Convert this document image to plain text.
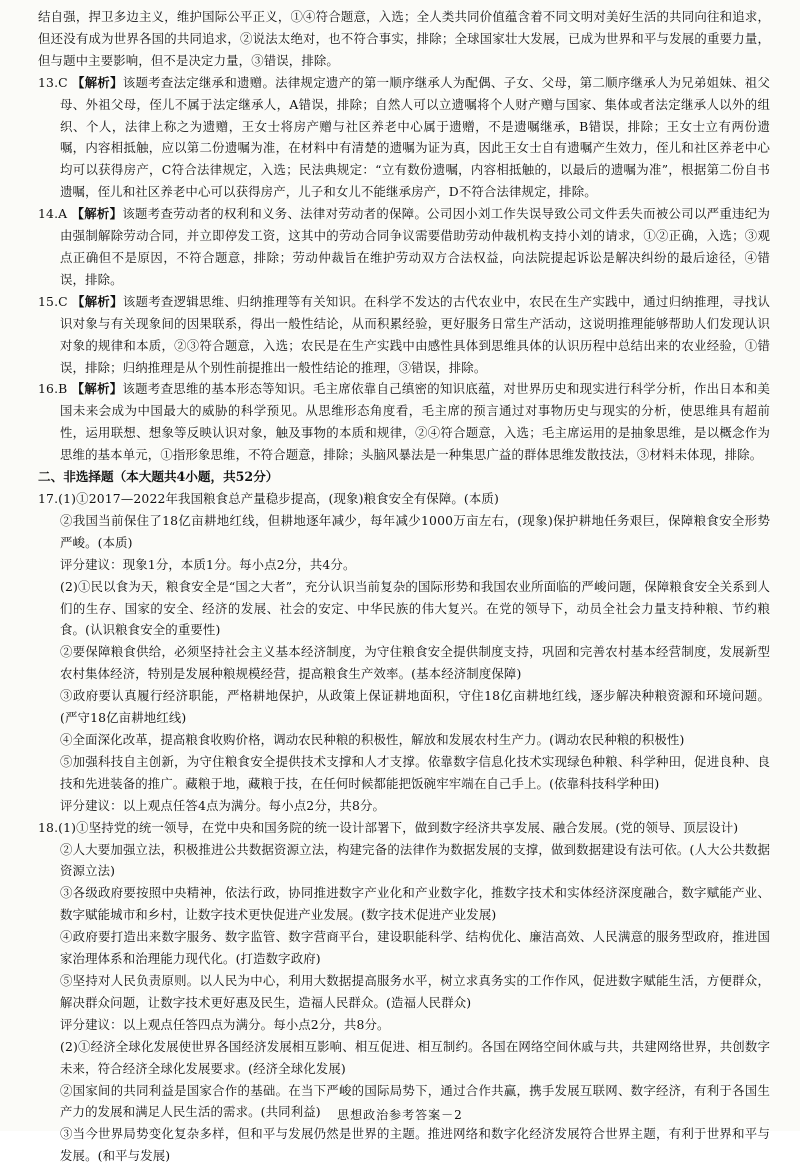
结自强，捍卫多边主义，维护国际公平正义，①④符合题意，入选；全人类共同价值蕴含着不同文明对美好生活的共同向往和追求，但还没有成为世界各国的共同追求，②说法太绝对，也不符合事实，排除；全球国家壮大发展，已成为世界和平与发展的重要力量，但与题中主要影响，但不是决定力量，③错误，排除。

13.C 【解析】该题考查法定继承和遗赠。法律规定遗产的第一顺序继承人为配偶、子女、父母，第二顺序继承人为兄弟姐妹、祖父母、外祖父母，侄儿不属于法定继承人，A错误，排除；自然人可以立遗嘱将个人财产赠与国家、集体或者法定继承人以外的组织、个人，法律上称之为遗赠，王女士将房产赠与社区养老中心属于遗赠，不是遗嘱继承，B错误，排除；王女士立有两份遗嘱，内容相抵触，应以第二份遗嘱为准，在材料中有清楚的遗嘱为证为真，因此王女士自有遗嘱产生效力，侄儿和社区养老中心均可以获得房产，C符合法律规定，入选；民法典规定：“立有数份遗嘱，内容相抵触的，以最后的遗嘱为准”，根据第二份自书遗嘱，侄儿和社区养老中心可以获得房产，儿子和女儿不能继承房产，D不符合法律规定，排除。
14.A 【解析】该题考查劳动者的权利和义务、法律对劳动者的保障。公司因小刘工作失误导致公司文件丢失而被公司以严重违纪为由强制解除劳动合同，并立即停发工资，这其中的劳动合同争议需要借助劳动仲裁机构支持小刘的请求，①②正确，入选；③观点正确但不是原因，不符合题意，排除；劳动仲裁旨在维护劳动双方合法权益，向法院提起诉讼是解决纠纷的最后途径，④错误，排除。
15.C 【解析】该题考查逻辑思维、归纳推理等有关知识。在科学不发达的古代农业中，农民在生产实践中，通过归纳推理，寻找认识对象与有关现象间的因果联系，得出一般性结论，从而积累经验，更好服务日常生产活动，这说明推理能够帮助人们发现认识对象的规律和本质，②③符合题意，入选；农民是在生产实践中由感性具体到思维具体的认识历程中总结出来的农业经验，①错误，排除；归纳推理是从个别性前提推出一般性结论的推理，③错误，排除。
16.B 【解析】该题考查思维的基本形态等知识。毛主席依靠自己缜密的知识底蕴，对世界历史和现实进行科学分析，作出日本和美国未来会成为中国最大的威胁的科学预见。从思维形态角度看，毛主席的预言通过对事物历史与现实的分析，使思维具有超前性，运用联想、想象等反映认识对象，触及事物的本质和规律，②④符合题意，入选；毛主席运用的是抽象思维，是以概念作为思维的基本单元，①指形象思维，不符合题意，排除；头脑风暴法是一种集思广益的群体思维发散技法，③材料未体现，排除。

二、非选择题（本大题共4小题，共52分）

17.(1)①2017—2022年我国粮食总产量稳步提高，(现象)粮食安全有保障。(本质)

②我国当前保住了18亿亩耕地红线，但耕地逐年减少，每年减少1000万亩左右，(现象)保护耕地任务艰巨，保障粮食安全形势严峻。(本质)

评分建议：现象1分，本质1分。每小点2分，共4分。

(2)①民以食为天，粮食安全是“国之大者”，充分认识当前复杂的国际形势和我国农业所面临的严峻问题，保障粮食安全关系到人们的生存、国家的安全、经济的发展、社会的安定、中华民族的伟大复兴。在党的领导下，动员全社会力量支持种粮、节约粮食。(认识粮食安全的重要性)

②要保障粮食供给，必须坚持社会主义基本经济制度，为守住粮食安全提供制度支持，巩固和完善农村基本经营制度，发展新型农村集体经济，特别是发展种粮规模经营，提高粮食生产效率。(基本经济制度保障)

③政府要认真履行经济职能，严格耕地保护，从政策上保证耕地面积，守住18亿亩耕地红线，逐步解决种粮资源和环境问题。(严守18亿亩耕地红线)

④全面深化改革，提高粮食收购价格，调动农民种粮的积极性，解放和发展农村生产力。(调动农民种粮的积极性)

⑤加强科技自主创新，为守住粮食安全提供技术支撑和人才支撑。依靠数字信息化技术实现绿色种粮、科学种田，促进良种、良技和先进装备的推广。藏粮于地，藏粮于技，在任何时候都能把饭碗牢牢端在自己手上。(依靠科技科学种田)

评分建议：以上观点任答4点为满分。每小点2分，共8分。

18.(1)①坚持党的统一领导，在党中央和国务院的统一设计部署下，做到数字经济共享发展、融合发展。(党的领导、顶层设计)

②人大要加强立法，积极推进公共数据资源立法，构建完备的法律作为数据发展的支撑，做到数据建设有法可依。(人大公共数据资源立法)

③各级政府要按照中央精神，依法行政，协同推进数字产业化和产业数字化，推数字技术和实体经济深度融合，数字赋能产业、数字赋能城市和乡村，让数字技术更快促进产业发展。(数字技术促进产业发展)

④政府要打造出来数字服务、数字监管、数字营商平台，建设职能科学、结构优化、廉洁高效、人民满意的服务型政府，推进国家治理体系和治理能力现代化。(打造数字政府)

⑤坚持对人民负责原则。以人民为中心，利用大数据提高服务水平，树立求真务实的工作作风，促进数字赋能生活，方便群众，解决群众问题，让数字技术更好惠及民生，造福人民群众。(造福人民群众)

评分建议：以上观点任答四点为满分。每小点2分，共8分。

(2)①经济全球化发展使世界各国经济发展相互影响、相互促进、相互制约。各国在网络空间休戚与共，共建网络世界，共创数字未来，符合经济全球化发展要求。(经济全球化发展)

②国家间的共同利益是国家合作的基础。在当下严峻的国际局势下，通过合作共赢，携手发展互联网、数字经济，有利于各国生产力的发展和满足人民生活的需求。(共同利益)

③当今世界局势变化复杂多样，但和平与发展仍然是世界的主题。推进网络和数字化经济发展符合世界主题，有利于世界和平与发展。(和平与发展)

思想政治参考答案－2
